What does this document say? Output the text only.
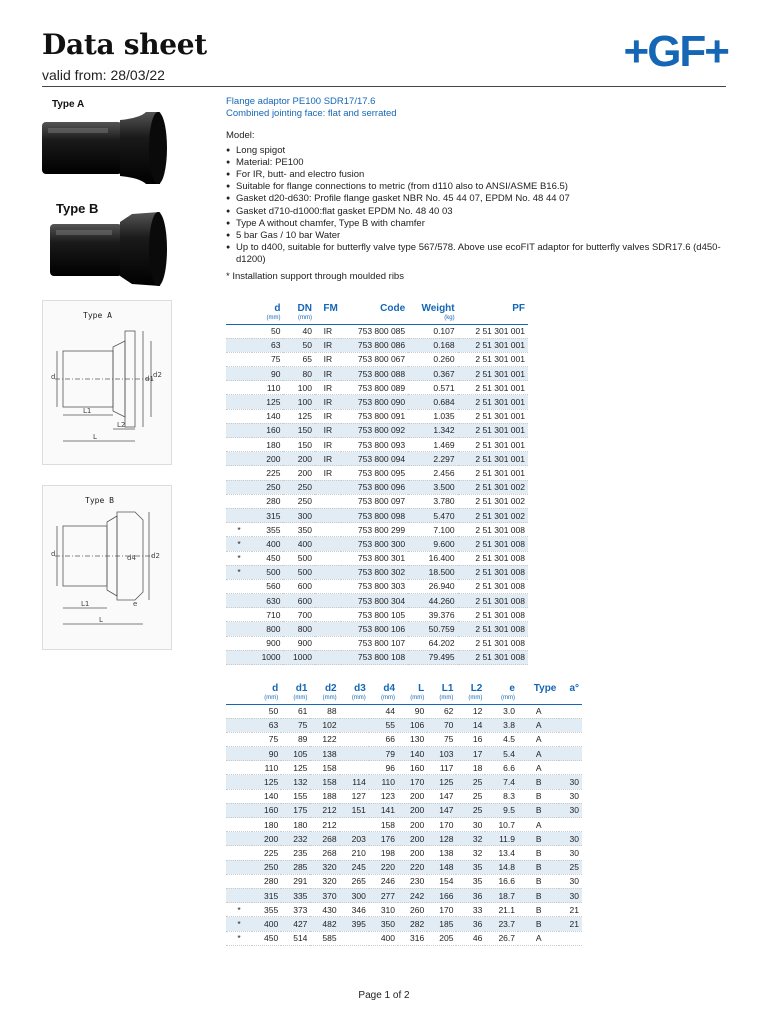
Data sheet
valid from: 28/03/22	+GF+
Type A
Type B
Flange adaptor PE100 SDR17/17.6
Combined jointing face: flat and serrated
Model:
● Long spigot
● Material: PE100
● For IR, butt- and electro fusion
● Suitable for flange connections to metric (from d110 also to ANSI/ASME B16.5)
● Gasket d20-d630: Profile flange gasket NBR No. 45 44 07, EPDM No. 48 44 07
● Gasket d710-d1000:flat gasket EPDM No. 48 40 03
● Type A without chamfer, Type B with chamfer
● 5 bar Gas / 10 bar Water
● Up to d400, suitable for butterfly valve type 567/578. Above use ecoFIT adaptor for butterfly valves SDR17.6 (d450-d1200)
* Installation support through moulded ribs
Type A
d
L1
L
L2
d1 d2
Type B
d
L1
L
d4 d2
e
	d	DN	FM	Code	Weight	PF
	(mm)	(mm)			(kg)	
	50	40	IR	753 800 085	0.107	2 51 301 001
	63	50	IR	753 800 086	0.168	2 51 301 001
	75	65	IR	753 800 067	0.260	2 51 301 001
	90	80	IR	753 800 088	0.367	2 51 301 001
	110	100	IR	753 800 089	0.571	2 51 301 001
	125	100	IR	753 800 090	0.684	2 51 301 001
	140	125	IR	753 800 091	1.035	2 51 301 001
	160	150	IR	753 800 092	1.342	2 51 301 001
	180	150	IR	753 800 093	1.469	2 51 301 001
	200	200	IR	753 800 094	2.297	2 51 301 001
	225	200	IR	753 800 095	2.456	2 51 301 001
	250	250		753 800 096	3.500	2 51 301 002
	280	250		753 800 097	3.780	2 51 301 002
	315	300		753 800 098	5.470	2 51 301 002
*	355	350		753 800 299	7.100	2 51 301 008
*	400	400		753 800 300	9.600	2 51 301 008
*	450	500		753 800 301	16.400	2 51 301 008
*	500	500		753 800 302	18.500	2 51 301 008
	560	600		753 800 303	26.940	2 51 301 008
	630	600		753 800 304	44.260	2 51 301 008
	710	700		753 800 105	39.376	2 51 301 008
	800	800		753 800 106	50.759	2 51 301 008
	900	900		753 800 107	64.202	2 51 301 008
	1000	1000		753 800 108	79.495	2 51 301 008
	d	d1	d2	d3	d4	L	L1	L2	e	Type	a°
	(mm)	(mm)	(mm)	(mm)	(mm)	(mm)	(mm)	(mm)	(mm)		
	50	61	88		44	90	62	12	3.0	A	
	63	75	102		55	106	70	14	3.8	A	
	75	89	122		66	130	75	16	4.5	A	
	90	105	138		79	140	103	17	5.4	A	
	110	125	158		96	160	117	18	6.6	A	
	125	132	158	114	110	170	125	25	7.4	B	30
	140	155	188	127	123	200	147	25	8.3	B	30
	160	175	212	151	141	200	147	25	9.5	B	30
	180	180	212		158	200	170	30	10.7	A	
	200	232	268	203	176	200	128	32	11.9	B	30
	225	235	268	210	198	200	138	32	13.4	B	30
	250	285	320	245	220	220	148	35	14.8	B	25
	280	291	320	265	246	230	154	35	16.6	B	30
	315	335	370	300	277	242	166	36	18.7	B	30
*	355	373	430	346	310	260	170	33	21.1	B	21
*	400	427	482	395	350	282	185	36	23.7	B	21
*	450	514	585		400	316	205	46	26.7	A	
Page 1 of 2
